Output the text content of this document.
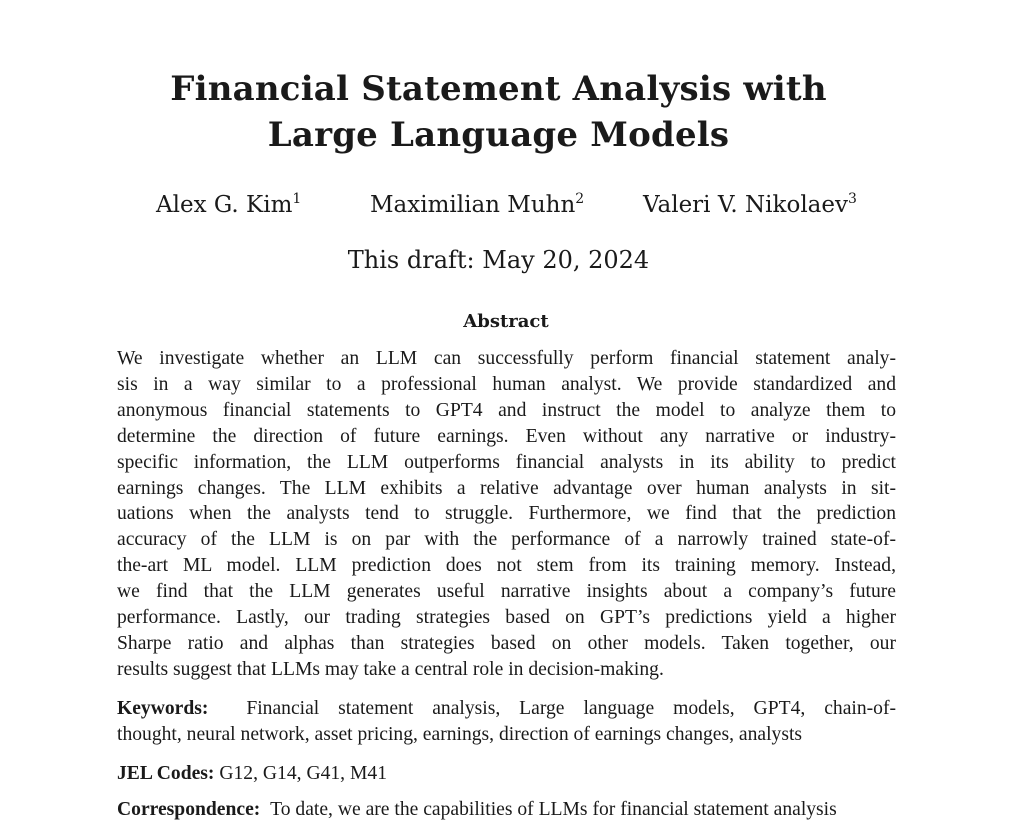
Financial Statement Analysis with
Large Language Models
Alex G. Kim$^1$	Maximilian Muhn$^2$	Valeri V. Nikolaev$^3$
This draft: May 20, 2024
Abstract
We investigate whether an LLM can successfully perform financial statement analy-
sis in a way similar to a professional human analyst. We provide standardized and
anonymous financial statements to GPT4 and instruct the model to analyze them to
determine the direction of future earnings. Even without any narrative or industry-
specific information, the LLM outperforms financial analysts in its ability to predict
earnings changes. The LLM exhibits a relative advantage over human analysts in sit-
uations when the analysts tend to struggle. Furthermore, we find that the prediction
accuracy of the LLM is on par with the performance of a narrowly trained state-of-
the-art ML model. LLM prediction does not stem from its training memory. Instead,
we find that the LLM generates useful narrative insights about a company’s future
performance. Lastly, our trading strategies based on GPT’s predictions yield a higher
Sharpe ratio and alphas than strategies based on other models. Taken together, our
results suggest that LLMs may take a central role in decision-making.
Keywords: Financial statement analysis, Large language models, GPT4, chain-of-
thought, neural network, asset pricing, earnings, direction of earnings changes, analysts
JEL Codes: G12, G14, G41, M41
Correspondence: To date, we are the capabilities of LLMs for financial statement analysis
